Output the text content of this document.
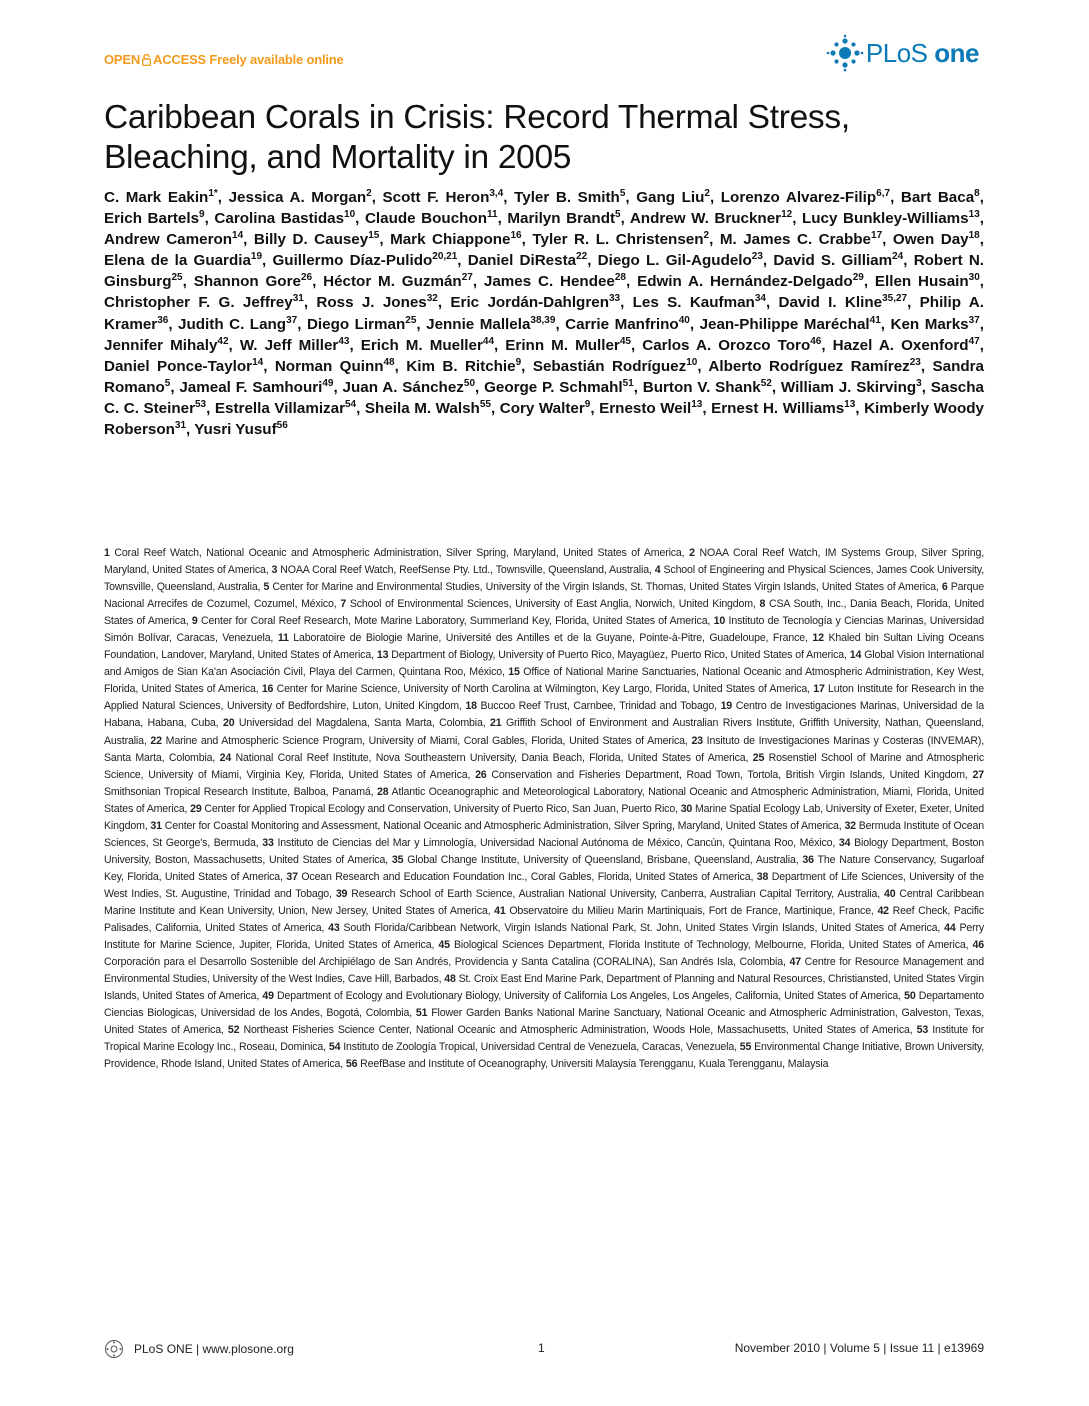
OPEN ACCESS Freely available online	PLoS one
Caribbean Corals in Crisis: Record Thermal Stress,
Bleaching, and Mortality in 2005

C. Mark Eakin$^{1*}$, Jessica A. Morgan$^2$, Scott F. Heron$^{3,4}$, Tyler B. Smith$^5$, Gang Liu$^2$, Lorenzo Alvarez-Filip$^{6,7}$, Bart Baca$^8$, Erich Bartels$^9$, Carolina Bastidas$^{10}$, Claude Bouchon$^{11}$, Marilyn Brandt$^5$, Andrew W. Bruckner$^{12}$, Lucy Bunkley-Williams$^{13}$, Andrew Cameron$^{14}$, Billy D. Causey$^{15}$, Mark Chiappone$^{16}$, Tyler R. L. Christensen$^2$, M. James C. Crabbe$^{17}$, Owen Day$^{18}$, Elena de la Guardia$^{19}$, Guillermo Díaz-Pulido$^{20,21}$, Daniel DiResta$^{22}$, Diego L. Gil-Agudelo$^{23}$, David S. Gilliam$^{24}$, Robert N. Ginsburg$^{25}$, Shannon Gore$^{26}$, Héctor M. Guzmán$^{27}$, James C. Hendee$^{28}$, Edwin A. Hernández-Delgado$^{29}$, Ellen Husain$^{30}$, Christopher F. G. Jeffrey$^{31}$, Ross J. Jones$^{32}$, Eric Jordán-Dahlgren$^{33}$, Les S. Kaufman$^{34}$, David I. Kline$^{35,27}$, Philip A. Kramer$^{36}$, Judith C. Lang$^{37}$, Diego Lirman$^{25}$, Jennie Mallela$^{38,39}$, Carrie Manfrino$^{40}$, Jean-Philippe Maréchal$^{41}$, Ken Marks$^{37}$, Jennifer Mihaly$^{42}$, W. Jeff Miller$^{43}$, Erich M. Mueller$^{44}$, Erinn M. Muller$^{45}$, Carlos A. Orozco Toro$^{46}$, Hazel A. Oxenford$^{47}$, Daniel Ponce-Taylor$^{14}$, Norman Quinn$^{48}$, Kim B. Ritchie$^9$, Sebastián Rodríguez$^{10}$, Alberto Rodríguez Ramírez$^{23}$, Sandra Romano$^5$, Jameal F. Samhouri$^{49}$, Juan A. Sánchez$^{50}$, George P. Schmahl$^{51}$, Burton V. Shank$^{52}$, William J. Skirving$^3$, Sascha C. C. Steiner$^{53}$, Estrella Villamizar$^{54}$, Sheila M. Walsh$^{55}$, Cory Walter$^9$, Ernesto Weil$^{13}$, Ernest H. Williams$^{13}$, Kimberly Woody Roberson$^{31}$, Yusri Yusuf$^{56}$

1 Coral Reef Watch, National Oceanic and Atmospheric Administration, Silver Spring, Maryland, United States of America, 2 NOAA Coral Reef Watch, IM Systems Group, Silver Spring, Maryland, United States of America, 3 NOAA Coral Reef Watch, ReefSense Pty. Ltd., Townsville, Queensland, Australia, 4 School of Engineering and Physical Sciences, James Cook University, Townsville, Queensland, Australia, 5 Center for Marine and Environmental Studies, University of the Virgin Islands, St. Thomas, United States Virgin Islands, United States of America, 6 Parque Nacional Arrecifes de Cozumel, Cozumel, México, 7 School of Environmental Sciences, University of East Anglia, Norwich, United Kingdom, 8 CSA South, Inc., Dania Beach, Florida, United States of America, 9 Center for Coral Reef Research, Mote Marine Laboratory, Summerland Key, Florida, United States of America, 10 Instituto de Tecnología y Ciencias Marinas, Universidad Simón Bolívar, Caracas, Venezuela, 11 Laboratoire de Biologie Marine, Université des Antilles et de la Guyane, Pointe-à-Pitre, Guadeloupe, France, 12 Khaled bin Sultan Living Oceans Foundation, Landover, Maryland, United States of America, 13 Department of Biology, University of Puerto Rico, Mayagüez, Puerto Rico, United States of America, 14 Global Vision International and Amigos de Sian Ka'an Asociación Civil, Playa del Carmen, Quintana Roo, México, 15 Office of National Marine Sanctuaries, National Oceanic and Atmospheric Administration, Key West, Florida, United States of America, 16 Center for Marine Science, University of North Carolina at Wilmington, Key Largo, Florida, United States of America, 17 Luton Institute for Research in the Applied Natural Sciences, University of Bedfordshire, Luton, United Kingdom, 18 Buccoo Reef Trust, Carnbee, Trinidad and Tobago, 19 Centro de Investigaciones Marinas, Universidad de la Habana, Habana, Cuba, 20 Universidad del Magdalena, Santa Marta, Colombia, 21 Griffith School of Environment and Australian Rivers Institute, Griffith University, Nathan, Queensland, Australia, 22 Marine and Atmospheric Science Program, University of Miami, Coral Gables, Florida, United States of America, 23 Insituto de Investigaciones Marinas y Costeras (INVEMAR), Santa Marta, Colombia, 24 National Coral Reef Institute, Nova Southeastern University, Dania Beach, Florida, United States of America, 25 Rosenstiel School of Marine and Atmospheric Science, University of Miami, Virginia Key, Florida, United States of America, 26 Conservation and Fisheries Department, Road Town, Tortola, British Virgin Islands, United Kingdom, 27 Smithsonian Tropical Research Institute, Balboa, Panamá, 28 Atlantic Oceanographic and Meteorological Laboratory, National Oceanic and Atmospheric Administration, Miami, Florida, United States of America, 29 Center for Applied Tropical Ecology and Conservation, University of Puerto Rico, San Juan, Puerto Rico, 30 Marine Spatial Ecology Lab, University of Exeter, Exeter, United Kingdom, 31 Center for Coastal Monitoring and Assessment, National Oceanic and Atmospheric Administration, Silver Spring, Maryland, United States of America, 32 Bermuda Institute of Ocean Sciences, St George's, Bermuda, 33 Instituto de Ciencias del Mar y Limnología, Universidad Nacional Autónoma de México, Cancún, Quintana Roo, México, 34 Biology Department, Boston University, Boston, Massachusetts, United States of America, 35 Global Change Institute, University of Queensland, Brisbane, Queensland, Australia, 36 The Nature Conservancy, Sugarloaf Key, Florida, United States of America, 37 Ocean Research and Education Foundation Inc., Coral Gables, Florida, United States of America, 38 Department of Life Sciences, University of the West Indies, St. Augustine, Trinidad and Tobago, 39 Research School of Earth Science, Australian National University, Canberra, Australian Capital Territory, Australia, 40 Central Caribbean Marine Institute and Kean University, Union, New Jersey, United States of America, 41 Observatoire du Milieu Marin Martiniquais, Fort de France, Martinique, France, 42 Reef Check, Pacific Palisades, California, United States of America, 43 South Florida/Caribbean Network, Virgin Islands National Park, St. John, United States Virgin Islands, United States of America, 44 Perry Institute for Marine Science, Jupiter, Florida, United States of America, 45 Biological Sciences Department, Florida Institute of Technology, Melbourne, Florida, United States of America, 46 Corporación para el Desarrollo Sostenible del Archipiélago de San Andrés, Providencia y Santa Catalina (CORALINA), San Andrés Isla, Colombia, 47 Centre for Resource Management and Environmental Studies, University of the West Indies, Cave Hill, Barbados, 48 St. Croix East End Marine Park, Department of Planning and Natural Resources, Christiansted, United States Virgin Islands, United States of America, 49 Department of Ecology and Evolutionary Biology, University of California Los Angeles, Los Angeles, California, United States of America, 50 Departamento Ciencias Biologicas, Universidad de los Andes, Bogotá, Colombia, 51 Flower Garden Banks National Marine Sanctuary, National Oceanic and Atmospheric Administration, Galveston, Texas, United States of America, 52 Northeast Fisheries Science Center, National Oceanic and Atmospheric Administration, Woods Hole, Massachusetts, United States of America, 53 Institute for Tropical Marine Ecology Inc., Roseau, Dominica, 54 Instituto de Zoología Tropical, Universidad Central de Venezuela, Caracas, Venezuela, 55 Environmental Change Initiative, Brown University, Providence, Rhode Island, United States of America, 56 ReefBase and Institute of Oceanography, Universiti Malaysia Terengganu, Kuala Terengganu, Malaysia

PLoS ONE | www.plosone.org	1	November 2010 | Volume 5 | Issue 11 | e13969
